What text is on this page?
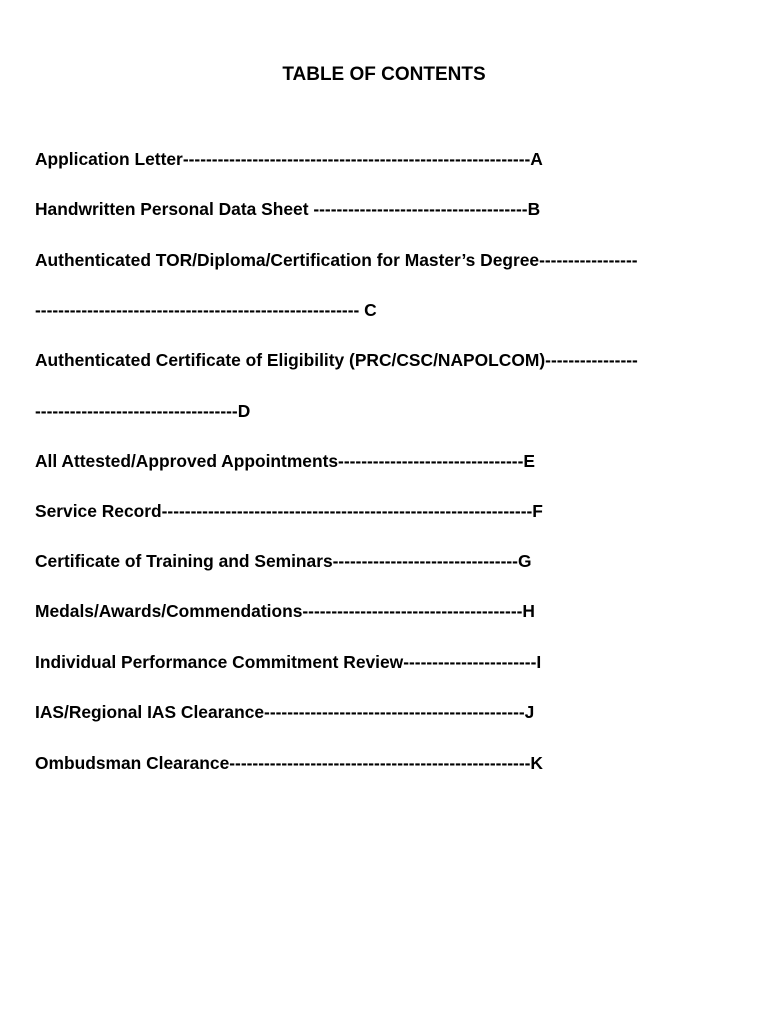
TABLE OF CONTENTS
Application Letter------------------------------------------------------------A
Handwritten Personal Data Sheet -------------------------------------B
Authenticated TOR/Diploma/Certification for Master’s Degree-----------------
-------------------------------------------------------- C
Authenticated Certificate of Eligibility (PRC/CSC/NAPOLCOM)----------------
-----------------------------------D
All Attested/Approved Appointments--------------------------------E
Service Record----------------------------------------------------------------F
Certificate of Training and Seminars--------------------------------G
Medals/Awards/Commendations--------------------------------------H
Individual Performance Commitment Review-----------------------I
IAS/Regional IAS Clearance---------------------------------------------J
Ombudsman Clearance----------------------------------------------------K
